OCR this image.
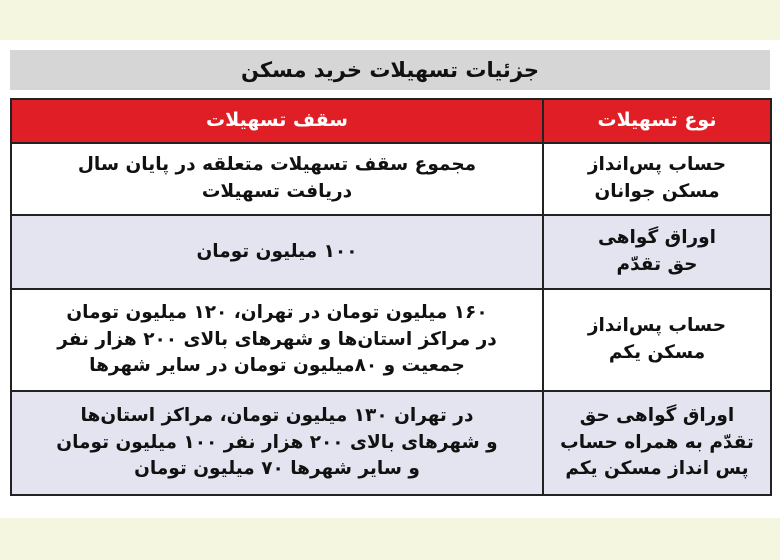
جزئیات تسهیلات خرید مسکن
نوع تسهیلات	سقف تسهیلات

حساب پس‌انداز
مسکن جوانان	مجموع سقف تسهیلات متعلقه در پایان سال
دریافت تسهیلات

اوراق گواهی
حق تقدّم	۱۰۰ میلیون تومان

حساب پس‌انداز
مسکن یکم	۱۶۰ میلیون تومان در تهران، ۱۲۰ میلیون تومان
در مراکز استان‌ها و شهرهای بالای ۲۰۰ هزار نفر
جمعیت و ۸۰میلیون تومان در سایر شهرها

اوراق گواهی حق
تقدّم به همراه حساب
پس انداز مسکن یکم	در تهران ۱۳۰ میلیون تومان، مراکز استان‌ها
و شهرهای بالای ۲۰۰ هزار نفر ۱۰۰ میلیون تومان
و سایر شهرها ۷۰ میلیون تومان
